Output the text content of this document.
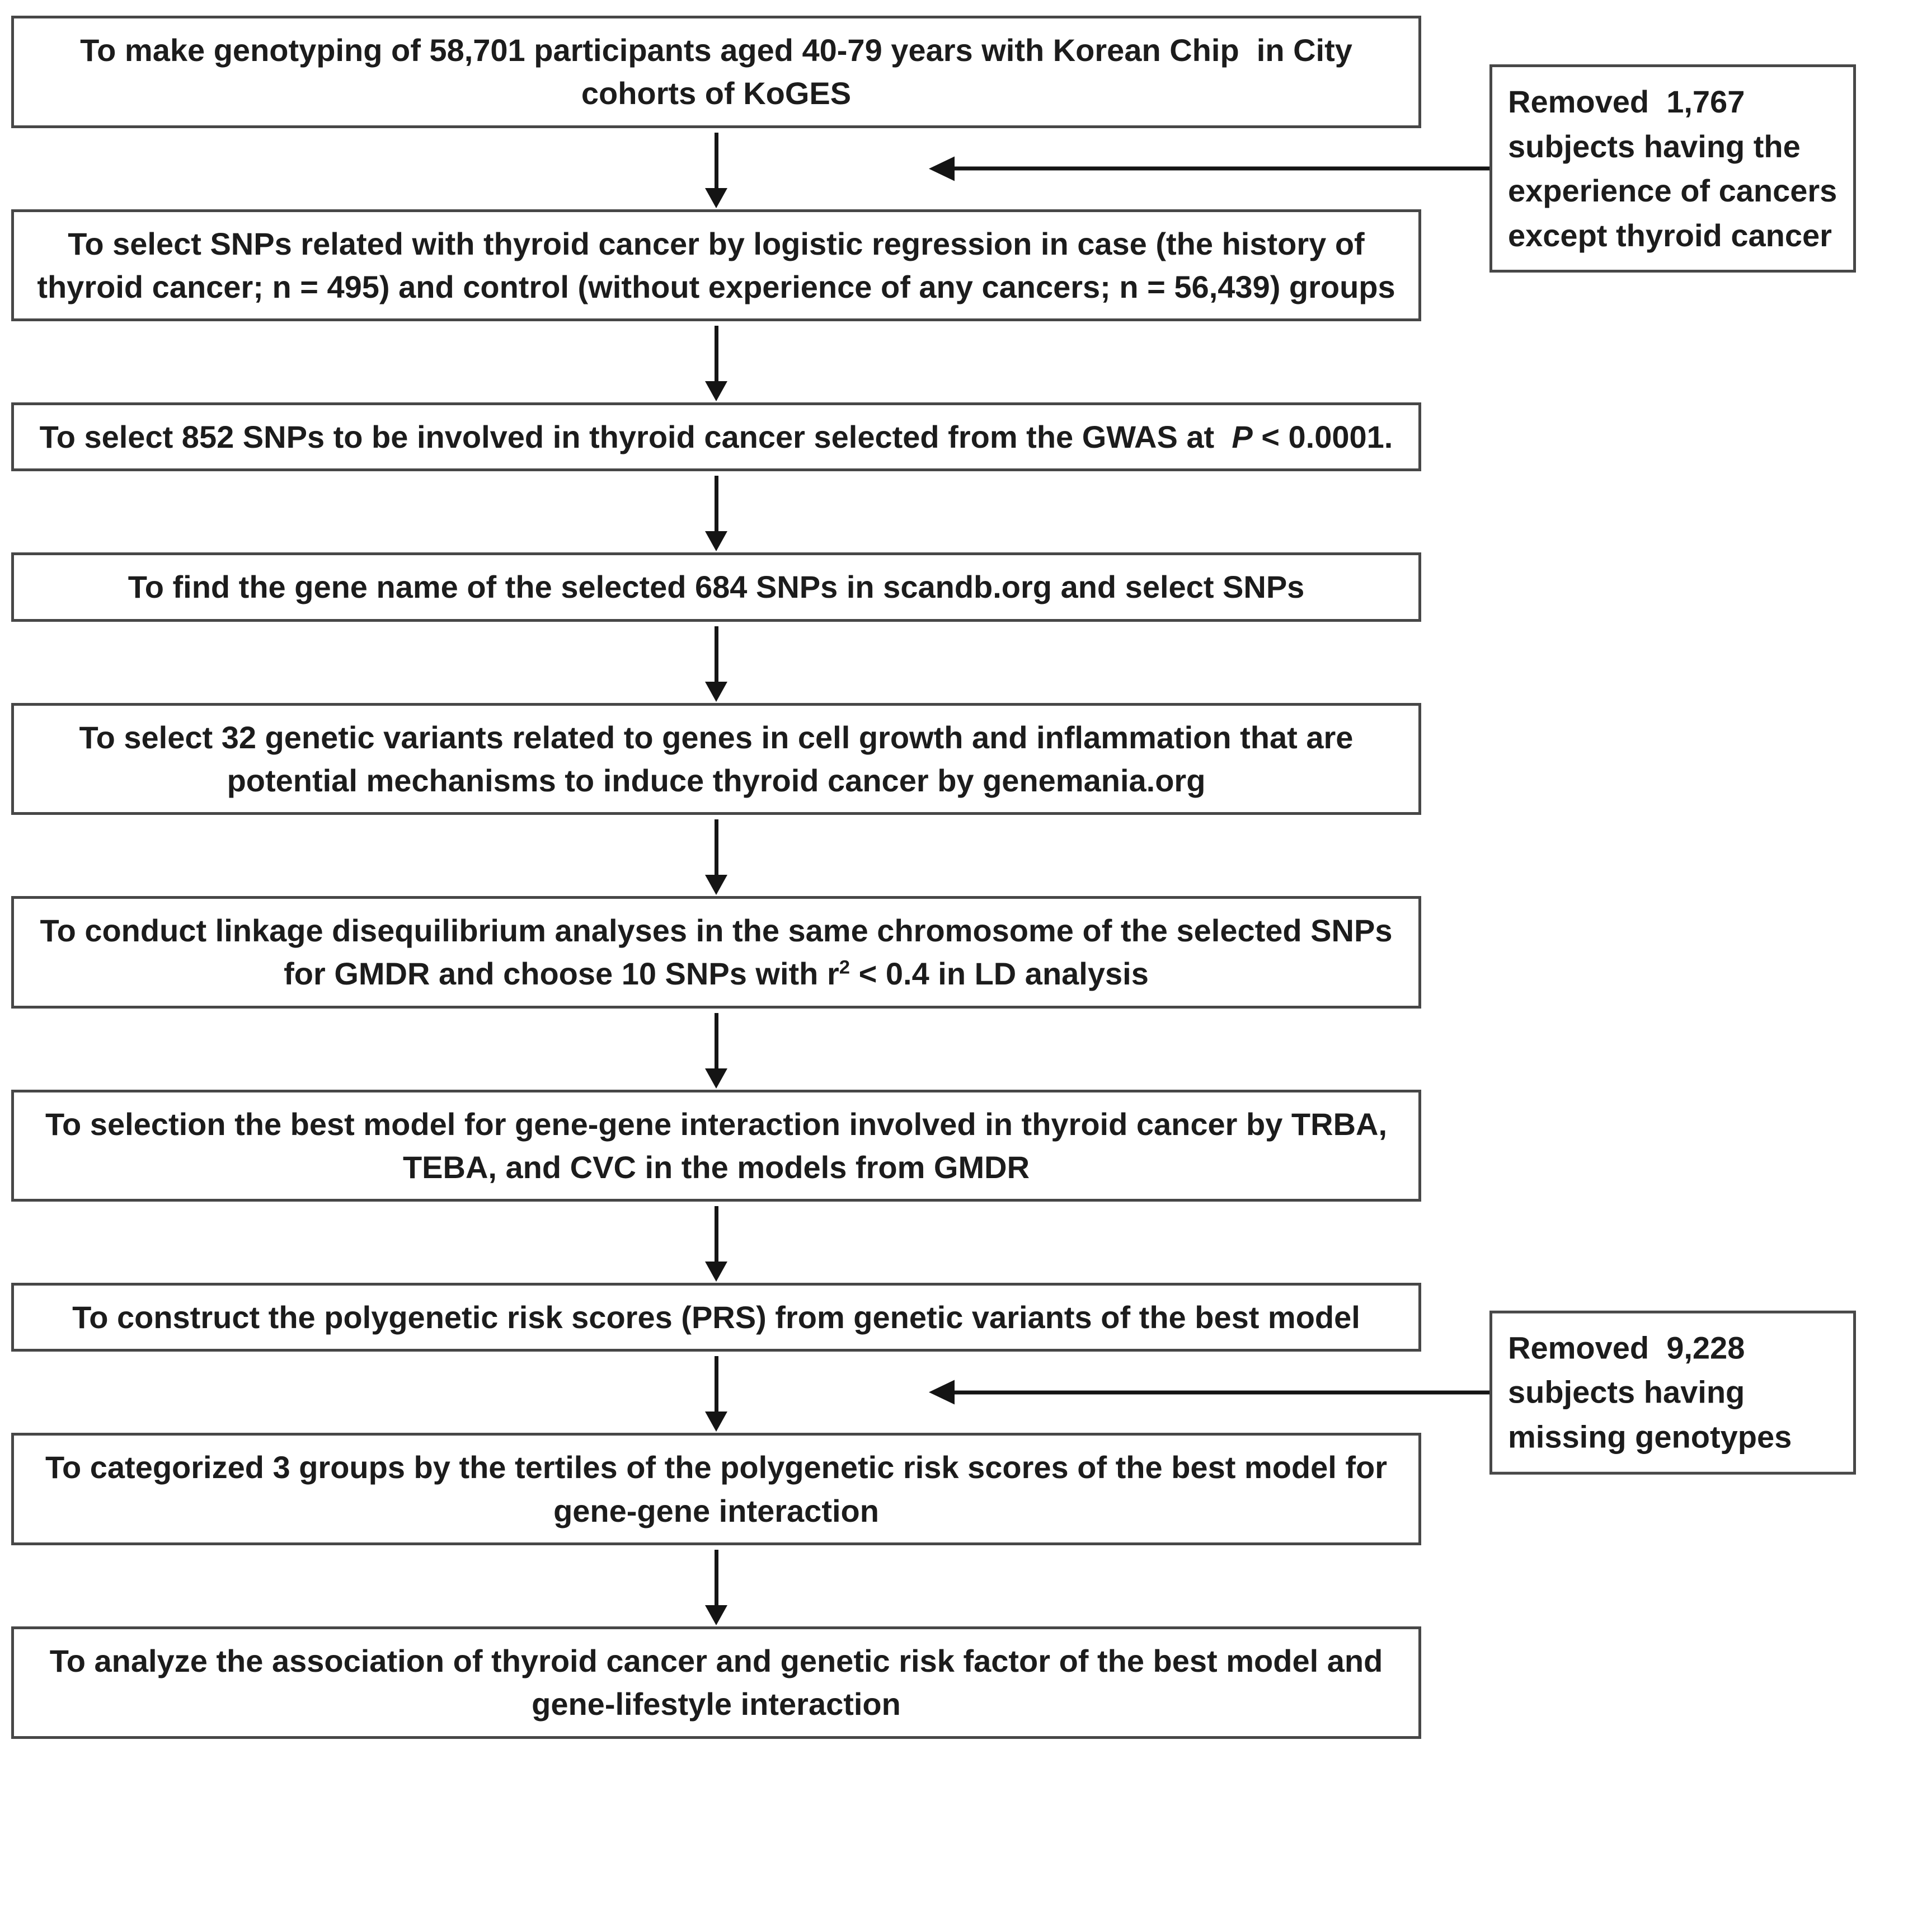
To make genotyping of 58,701 participants aged 40-79 years with Korean Chip  in City cohorts of KoGES	Removed  1,767 subjects having the experience of cancers except thyroid cancer
To select SNPs related with thyroid cancer by logistic regression in case (the history of thyroid cancer; n = 495) and control (without experience of any cancers; n = 56,439) groups
To select 852 SNPs to be involved in thyroid cancer selected from the GWAS at  P < 0.0001.
To find the gene name of the selected 684 SNPs in scandb.org and select SNPs
To select 32 genetic variants related to genes in cell growth and inflammation that are potential mechanisms to induce thyroid cancer by genemania.org
To conduct linkage disequilibrium analyses in the same chromosome of the selected SNPs for GMDR and choose 10 SNPs with $r^2 < 0.4$ in LD analysis
To selection the best model for gene-gene interaction involved in thyroid cancer by TRBA, TEBA, and CVC in the models from GMDR
To construct the polygenetic risk scores (PRS) from genetic variants of the best model
Removed  9,228 subjects having missing genotypes
To categorized 3 groups by the tertiles of the polygenetic risk scores of the best model for gene-gene interaction
To analyze the association of thyroid cancer and genetic risk factor of the best model and gene-lifestyle interaction
